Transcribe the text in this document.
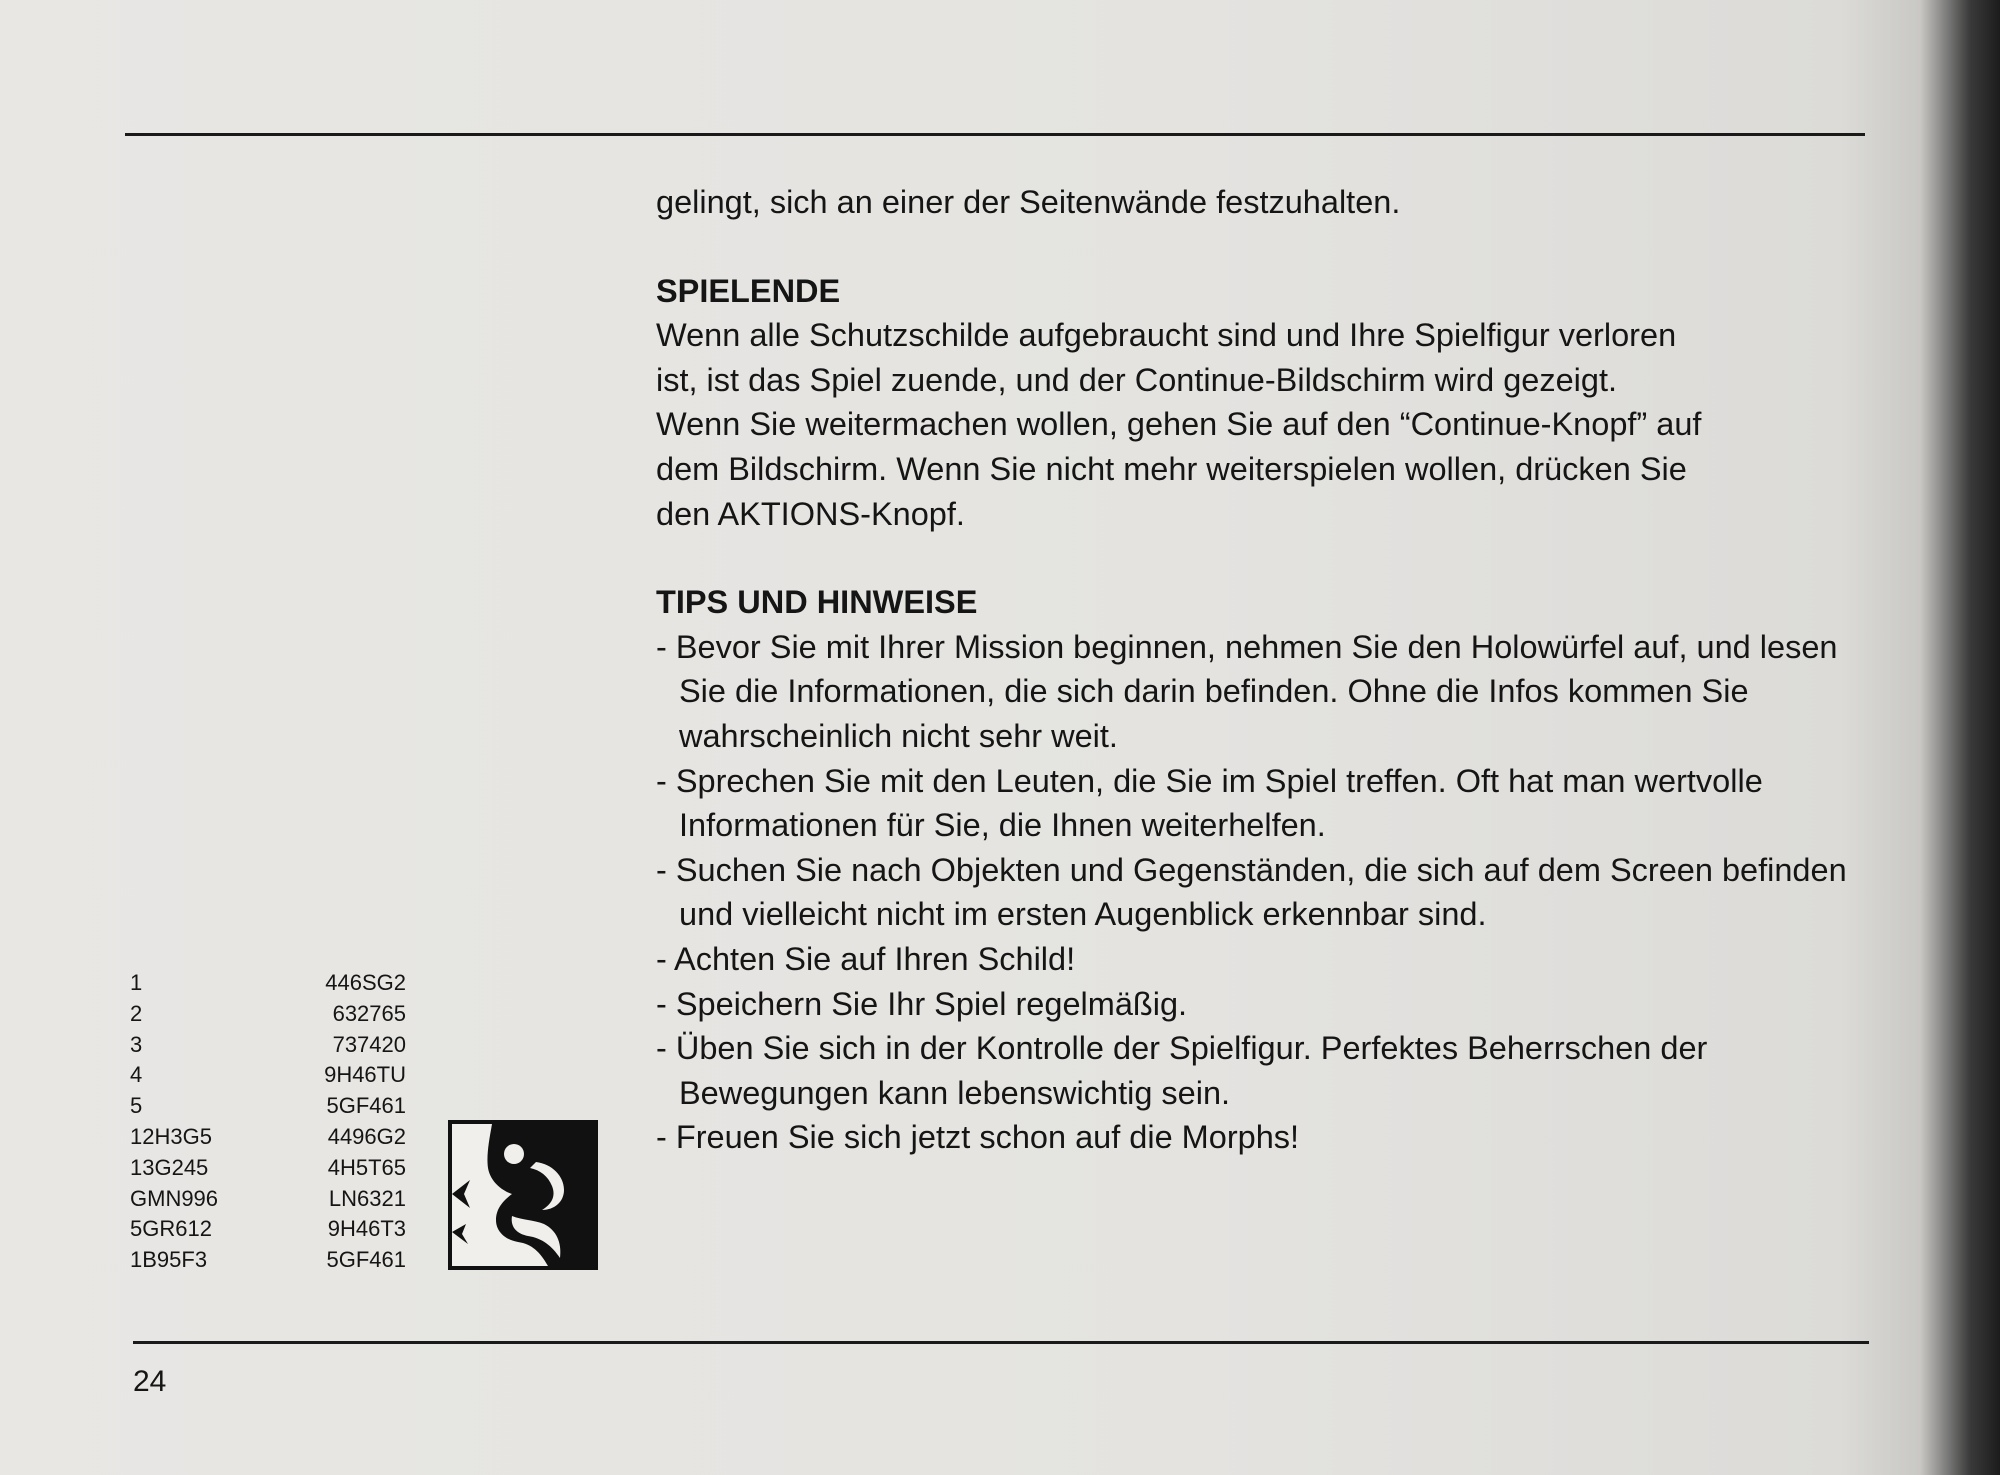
gelingt, sich an einer der Seitenwände festzuhalten.

SPIELENDE

Wenn alle Schutzschilde aufgebraucht sind und Ihre Spielfigur verloren

ist, ist das Spiel zuende, und der Continue-Bildschirm wird gezeigt.

Wenn Sie weitermachen wollen, gehen Sie auf den “Continue-Knopf” auf

dem Bildschirm. Wenn Sie nicht mehr weiterspielen wollen, drücken Sie

den AKTIONS-Knopf.

TIPS UND HINWEISE

- Bevor Sie mit Ihrer Mission beginnen, nehmen Sie den Holowürfel auf, und lesen Sie die Informationen, die sich darin befinden. Ohne die Infos kommen Sie wahrscheinlich nicht sehr weit.

- Sprechen Sie mit den Leuten, die Sie im Spiel treffen. Oft hat man wertvolle Informationen für Sie, die Ihnen weiterhelfen.

- Suchen Sie nach Objekten und Gegenständen, die sich auf dem Screen befinden und vielleicht nicht im ersten Augenblick erkennbar sind.

- Achten Sie auf Ihren Schild!

- Speichern Sie Ihr Spiel regelmäßig.

- Üben Sie sich in der Kontrolle der Spielfigur. Perfektes Beherrschen der Bewegungen kann lebenswichtig sein.

- Freuen Sie sich jetzt schon auf die Morphs!

1	446SG2
2	632765
3	737420
4	9H46TU
5	5GF461
12H3G5	4496G2
13G245	4H5T65
GMN996	LN6321
5GR612	9H46T3
1B95F3	5GF461
24
